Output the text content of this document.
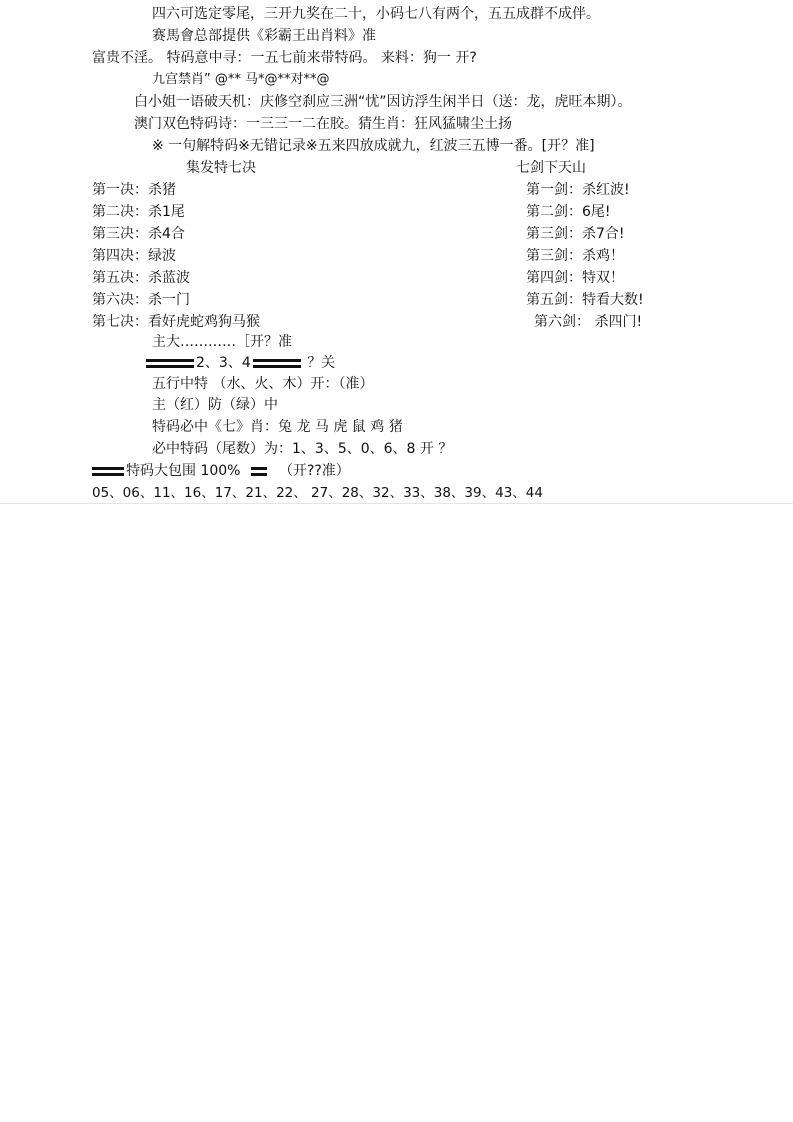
四六可选定零尾，三开九奖在二十，小码七八有两个，五五成群不成伴。
赛馬會总部提供《彩霸王出肖料》准
富贵不淫。 特码意中寻：一五七前来带特码。 来料：狗一 开?
九宫禁肖” @** 马*@**对**@
白小姐一语破天机：庆修空刹应三洲“忧”因访浮生闲半日（送：龙，虎旺本期）。
澳门双色特码诗：一三三一二在胶。猜生肖：狂风猛啸尘土扬
※ 一句解特码※无错记录※五来四放成就九，红波三五博一番。[开？准]
集发特七决
第一决：杀猪
第二决：杀1尾
第三决：杀4合
第四决：绿波
第五决：杀蓝波
第六决：杀一门
第七决：看好虎蛇鸡狗马猴
七剑下天山
第一剑：杀红波!
第二剑：6尾!
第三剑：杀7合!
第三剑：杀鸡！
第四剑：特双！
第五剑：特看大数!
第六剑： 杀四门!
主大…………［开？准
2、3、4	？关
五行中特 （水、火、木）开：（准）
主（红）防（绿）中
特码必中《七》肖：兔 龙 马 虎 鼠 鸡 猪
必中特码（尾数）为：1、3、5、0、6、8 开 ？
特码大包围 100%	（开??准）
05、06、11、16、17、21、22、 27、28、32、33、38、39、43、44
